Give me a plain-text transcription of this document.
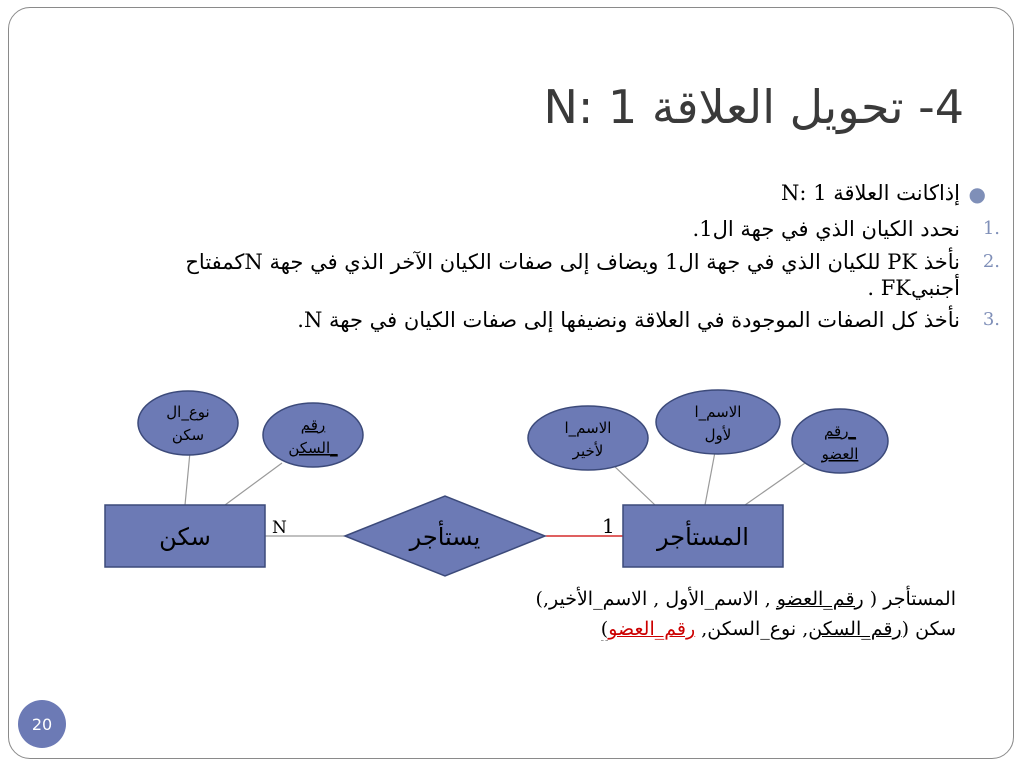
4- تحويل العلاقة N: 1
●
إذاكانت العلاقة 1 :N
.1
نحدد الكيان الذي في جهة ال1.
.2
نأخذ PK للكيان الذي في جهة ال1 ويضاف إلى صفات الكيان الآخر الذي في جهة Nكمفتاح أجنبيFK .
.3
نأخذ كل الصفات الموجودة في العلاقة ونضيفها إلى صفات الكيان في جهة N.
سكن	المستأجر
يستأجر
نوع_ال
سكن
رقم
السكن_
الاسم_ا
لأخير
الاسم_ا
لأول	رقم_
العضو
N	1
المستأجر ( رقم_العضو , الاسم_الأول , الاسم_الأخير,)
سكن (رقم_السكن, نوع_السكن, رقم_العضو)
20
